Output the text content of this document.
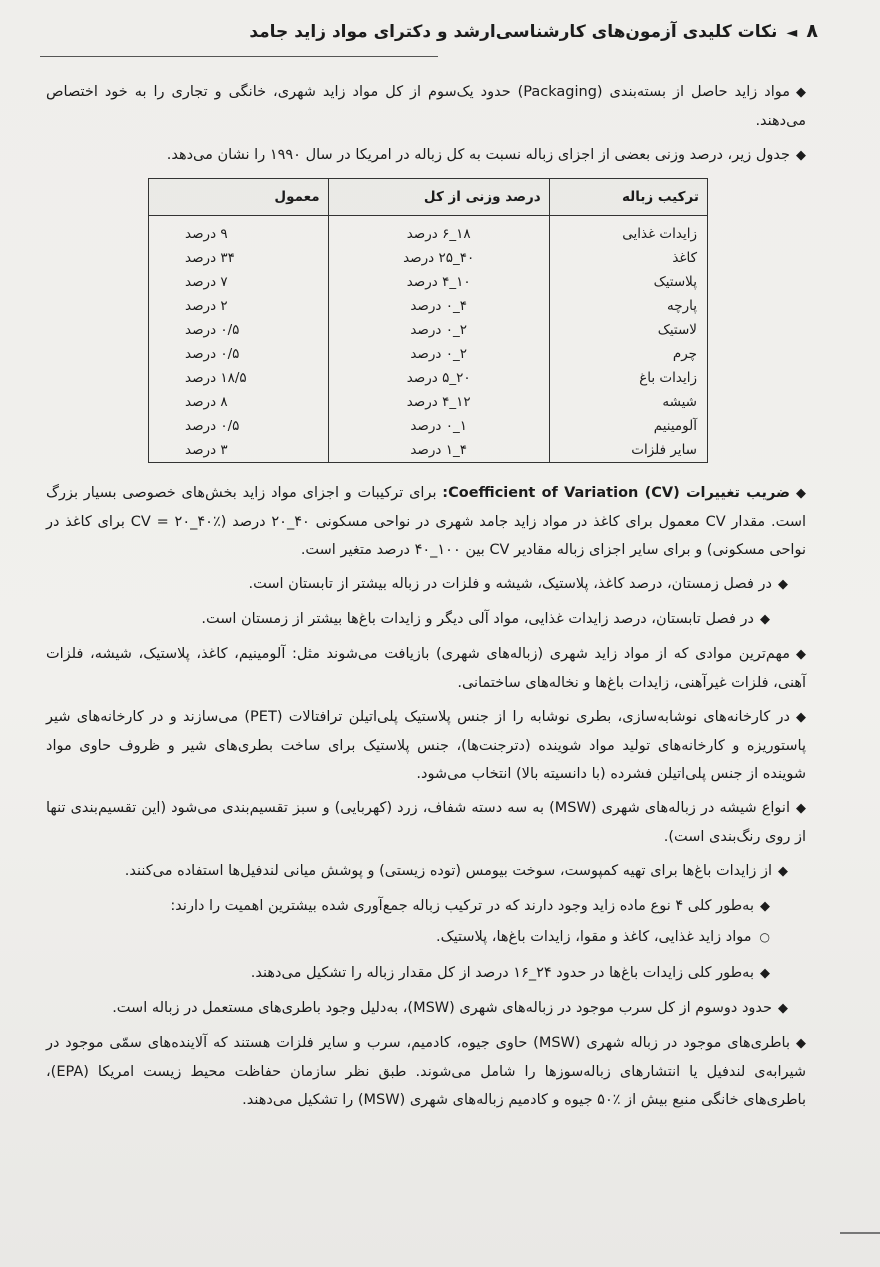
۸ ◄ نکات کلیدی آزمون‌های کارشناسی‌ارشد و دکترای مواد زاید جامد

◆مواد زاید حاصل از بسته‌بندی (Packaging) حدود یک‌سوم از کل مواد زاید شهری، خانگی و تجاری را به خود اختصاص می‌دهند.

◆جدول زیر، درصد وزنی بعضی از اجزای زباله نسبت به کل زباله در امریکا در سال ۱۹۹۰ را نشان می‌دهد.

ترکیب زباله	درصد وزنی از کل	معمول
زایدات غذایی	۱۸_۶ درصد	۹ درصد
کاغذ	۴۰_۲۵ درصد	۳۴ درصد
پلاستیک	۱۰_۴ درصد	۷ درصد
پارچه	۴_۰ درصد	۲ درصد
لاستیک	۲_۰ درصد	۰/۵ درصد
چرم	۲_۰ درصد	۰/۵ درصد
زایدات باغ	۲۰_۵ درصد	۱۸/۵ درصد
شیشه	۱۲_۴ درصد	۸ درصد
آلومینیم	۱_۰ درصد	۰/۵ درصد
سایر فلزات	۴_۱ درصد	۳ درصد

◆ضریب تغییرات Coefficient of Variation (CV): برای ترکیبات و اجزای مواد زاید بخش‌های خصوصی بسیار بزرگ است. مقدار CV معمول برای کاغذ در مواد زاید جامد شهری در نواحی مسکونی ۴۰_۲۰ درصد (٪۴۰_۲۰ = CV برای کاغذ در نواحی مسکونی) و برای سایر اجزای زباله مقادیر CV بین ۱۰۰_۴۰ درصد متغیر است.

◆در فصل زمستان، درصد کاغذ، پلاستیک، شیشه و فلزات در زباله بیشتر از تابستان است.

◆در فصل تابستان، درصد زایدات غذایی، مواد آلی دیگر و زایدات باغ‌ها بیشتر از زمستان است.

◆مهم‌ترین موادی که از مواد زاید شهری (زباله‌های شهری) بازیافت می‌شوند مثل: آلومینیم، کاغذ، پلاستیک، شیشه، فلزات آهنی، فلزات غیرآهنی، زایدات باغ‌ها و نخاله‌های ساختمانی.

◆در کارخانه‌های نوشابه‌سازی، بطری نوشابه را از جنس پلاستیک پلی‌اتیلن ترافتالات (PET) می‌سازند و در کارخانه‌های شیر پاستوریزه و کارخانه‌های تولید مواد شوینده (دترجنت‌ها)، جنس پلاستیک برای ساخت بطری‌های شیر و ظروف حاوی مواد شوینده از جنس پلی‌اتیلن فشرده (با دانسیته بالا) انتخاب می‌شود.

◆انواع شیشه در زباله‌های شهری (MSW) به سه دسته شفاف، زرد (کهربایی) و سبز تقسیم‌بندی می‌شود (این تقسیم‌بندی تنها از روی رنگ‌بندی است).

◆از زایدات باغ‌ها برای تهیه کمپوست، سوخت بیومس (توده زیستی) و پوشش میانی لندفیل‌ها استفاده می‌کنند.

◆به‌طور کلی ۴ نوع ماده زاید وجود دارند که در ترکیب زباله جمع‌آوری شده بیشترین اهمیت را دارند:

○مواد زاید غذایی، کاغذ و مقوا، زایدات باغ‌ها، پلاستیک.

◆به‌طور کلی زایدات باغ‌ها در حدود ۲۴_۱۶ درصد از کل مقدار زباله را تشکیل می‌دهند.

◆حدود دوسوم از کل سرب موجود در زباله‌های شهری (MSW)، به‌دلیل وجود باطری‌های مستعمل در زباله است.

◆باطری‌های موجود در زباله شهری (MSW) حاوی جیوه، کادمیم، سرب و سایر فلزات هستند که آلاینده‌های سمّی موجود در شیرابه‌ی لندفیل یا انتشارهای زباله‌سوزها را شامل می‌شوند. طبق نظر سازمان حفاظت محیط زیست امریکا (EPA)، باطری‌های خانگی منبع بیش از ٪۵۰ جیوه و کادمیم زباله‌های شهری (MSW) را تشکیل می‌دهند.
